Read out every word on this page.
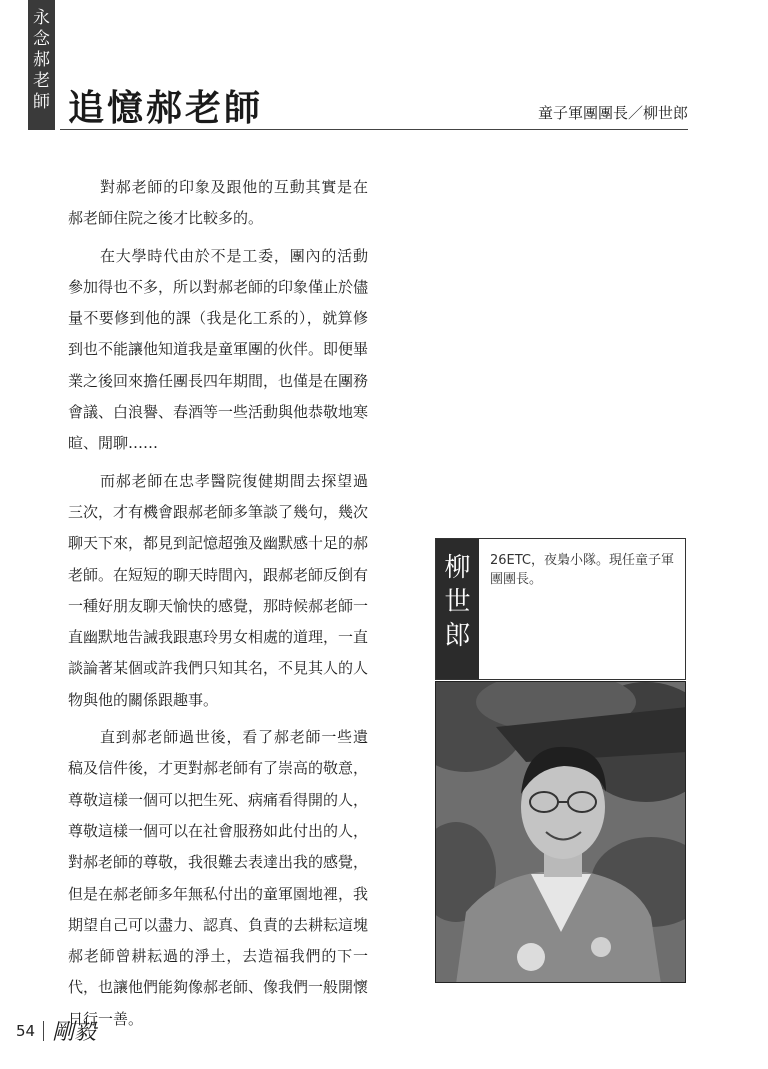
永
念
郝
老
師 追憶郝老師	童子軍團團長／柳世郎

對郝老師的印象及跟他的互動其實是在郝老師住院之後才比較多的。

在大學時代由於不是工委，團內的活動參加得也不多，所以對郝老師的印象僅止於儘量不要修到他的課（我是化工系的），就算修到也不能讓他知道我是童軍團的伙伴。即便畢業之後回來擔任團長四年期間，也僅是在團務會議、白浪譽、春酒等一些活動與他恭敬地寒暄、閒聊……

而郝老師在忠孝醫院復健期間去探望過三次，才有機會跟郝老師多筆談了幾句，幾次聊天下來，都見到記憶超強及幽默感十足的郝老師。在短短的聊天時間內，跟郝老師反倒有一種好朋友聊天愉快的感覺，那時候郝老師一直幽默地告誡我跟惠玲男女相處的道理，一直談論著某個或許我們只知其名，不見其人的人物與他的關係跟趣事。

直到郝老師過世後，看了郝老師一些遺稿及信件後，才更對郝老師有了崇高的敬意，尊敬這樣一個可以把生死、病痛看得開的人，尊敬這樣一個可以在社會服務如此付出的人，對郝老師的尊敬，我很難去表達出我的感覺，但是在郝老師多年無私付出的童軍園地裡，我期望自己可以盡力、認真、負責的去耕耘這塊郝老師曾耕耘過的淨土，去造福我們的下一代，也讓他們能夠像郝老師、像我們一般開懷日行一善。

柳
世
郎
26ETC，夜梟小隊。現任童子軍團團長。
54 剛毅
